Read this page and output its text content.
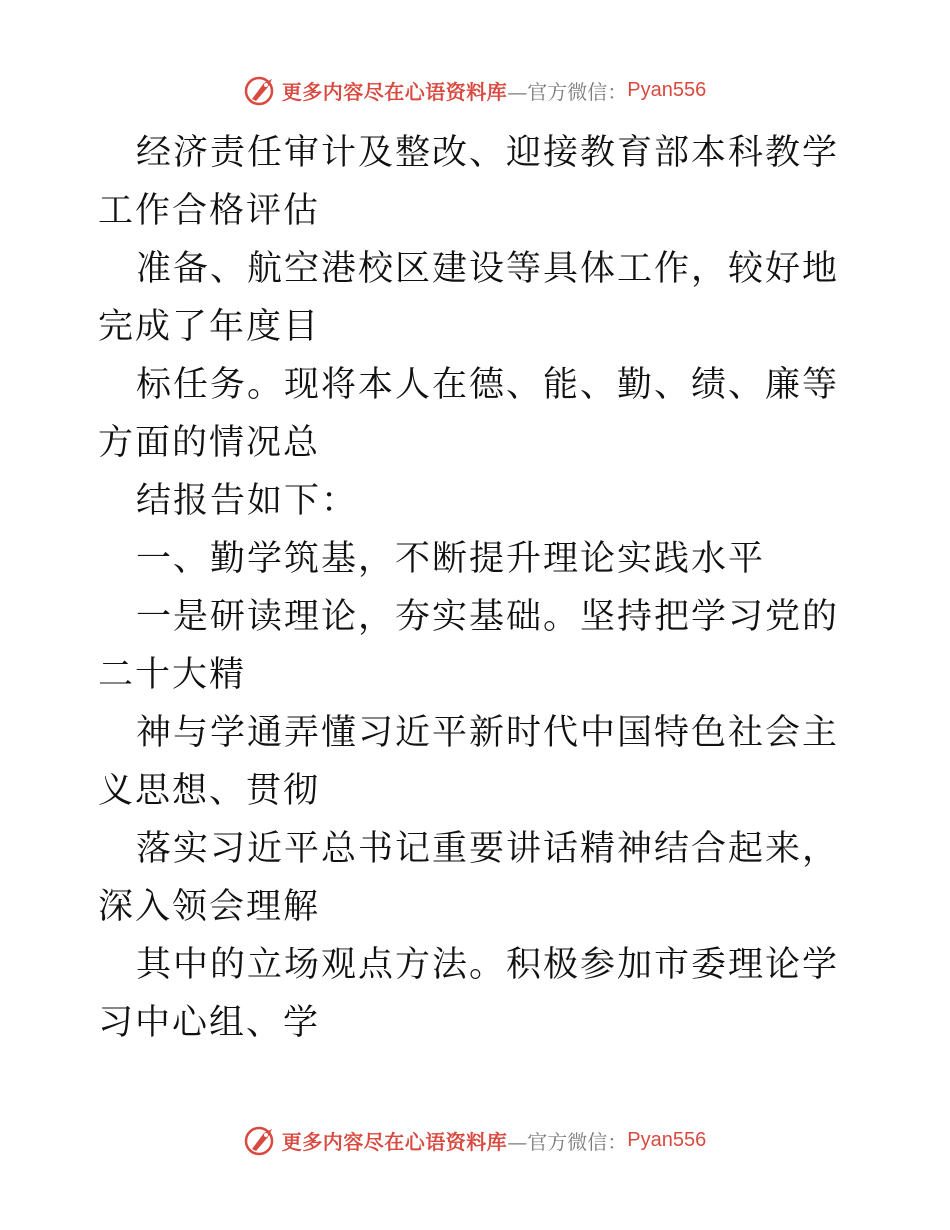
更多内容尽在心语资料库 —官方微信： Pyan556

经济责任审计及整改、迎接教育部本科教学工作合格评估

准备、航空港校区建设等具体工作，较好地完成了年度目

标任务。现将本人在德、能、勤、绩、廉等方面的情况总

结报告如下：

一、勤学筑基，不断提升理论实践水平

一是研读理论，夯实基础。坚持把学习党的二十大精

神与学通弄懂习近平新时代中国特色社会主义思想、贯彻

落实习近平总书记重要讲话精神结合起来，深入领会理解

其中的立场观点方法。积极参加市委理论学习中心组、学

更多内容尽在心语资料库 —官方微信： Pyan556
